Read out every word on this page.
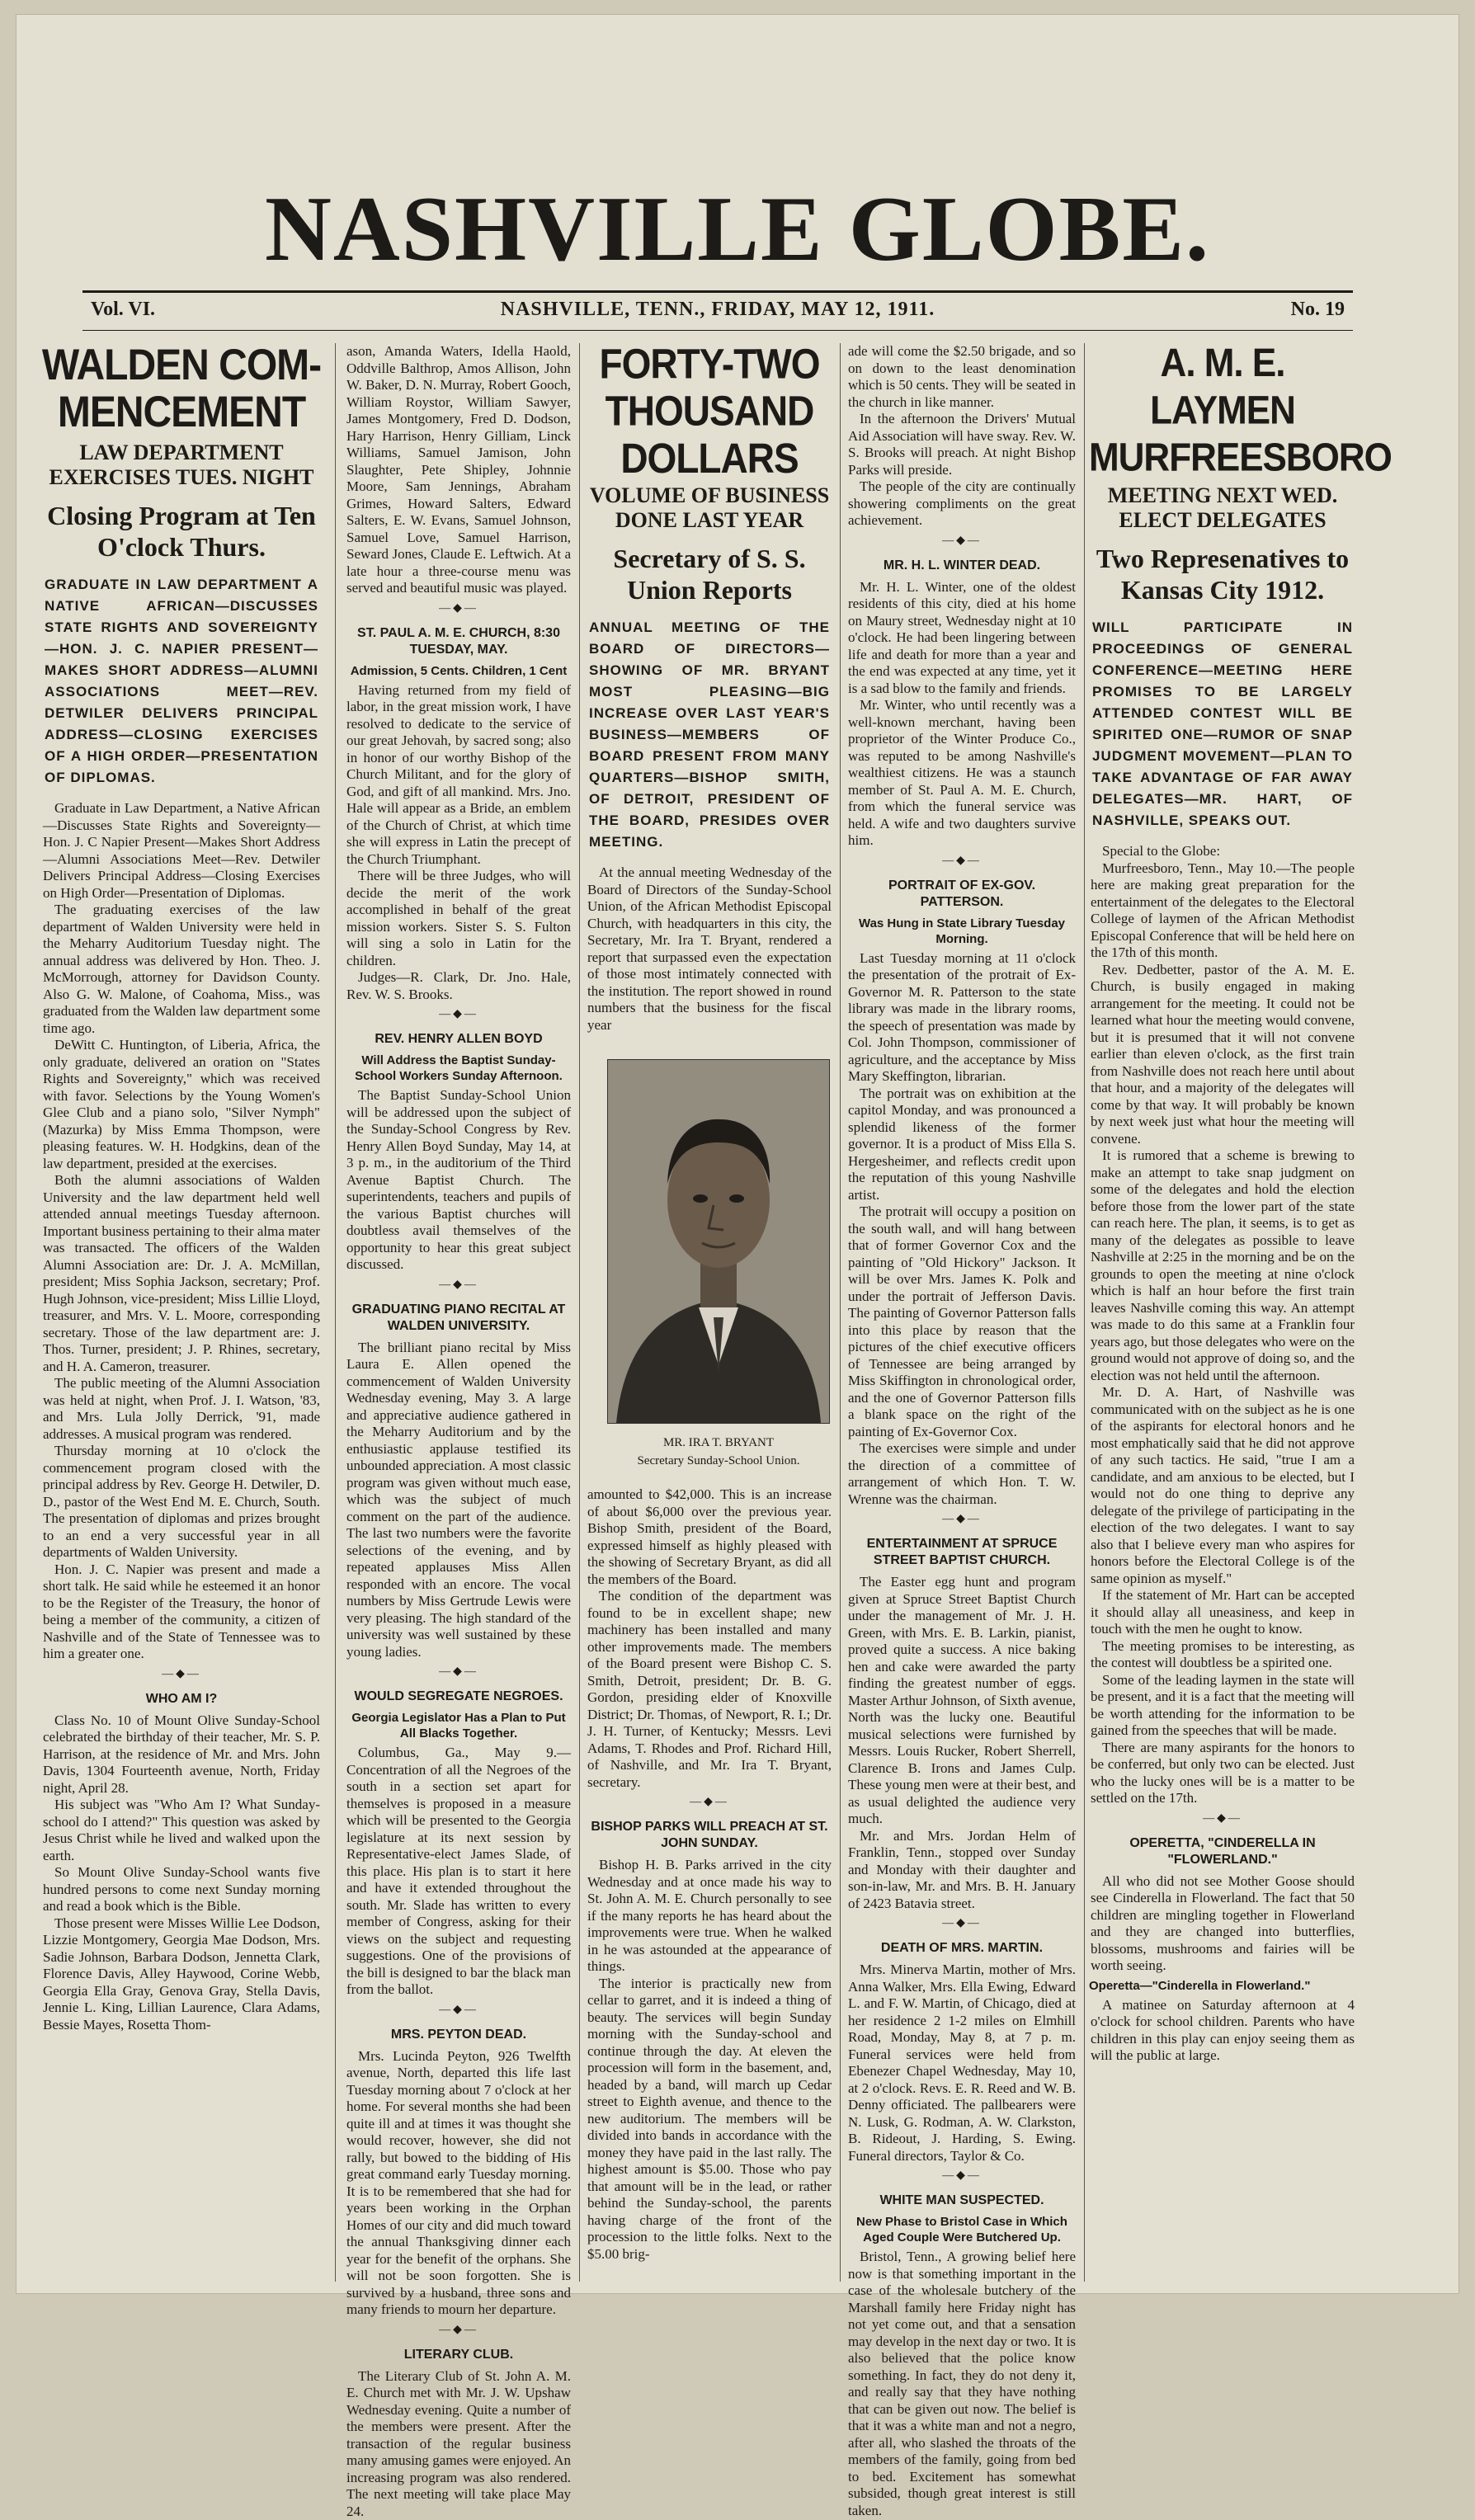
NASHVILLE GLOBE.
Vol. VI.	NASHVILLE, TENN., FRIDAY, MAY 12, 1911.	No. 19
WALDEN COM-MENCEMENT
LAW DEPARTMENT EXERCISES TUES. NIGHT
Closing Program at Ten O'clock Thurs.
GRADUATE IN LAW DEPARTMENT A NATIVE AFRICAN—DISCUSSES STATE RIGHTS AND SOVEREIGNTY—HON. J. C. NAPIER PRESENT—MAKES SHORT ADDRESS—ALUMNI ASSOCIATIONS MEET—REV. DETWILER DELIVERS PRINCIPAL ADDRESS—CLOSING EXERCISES OF A HIGH ORDER—PRESENTATION OF DIPLOMAS.
Graduate in Law Department, a Native African—Discusses State Rights and Sovereignty—Hon. J. C Napier Present—Makes Short Address—Alumni Associations Meet—Rev. Detwiler Delivers Principal Address—Closing Exercises on High Order—Presentation of Diplomas.
The graduating exercises of the law department of Walden University were held in the Meharry Auditorium Tuesday night. The annual address was delivered by Hon. Theo. J. McMorrough, attorney for Davidson County. Also G. W. Malone, of Coahoma, Miss., was graduated from the Walden law department some time ago.
DeWitt C. Huntington, of Liberia, Africa, the only graduate, delivered an oration on "States Rights and Sovereignty," which was received with favor. Selections by the Young Women's Glee Club and a piano solo, "Silver Nymph" (Mazurka) by Miss Emma Thompson, were pleasing features. W. H. Hodgkins, dean of the law department, presided at the exercises.
Both the alumni associations of Walden University and the law department held well attended annual meetings Tuesday afternoon. Important business pertaining to their alma mater was transacted. The officers of the Walden Alumni Association are: Dr. J. A. McMillan, president; Miss Sophia Jackson, secretary; Prof. Hugh Johnson, vice-president; Miss Lillie Lloyd, treasurer, and Mrs. V. L. Moore, corresponding secretary. Those of the law department are: J. Thos. Turner, president; J. P. Rhines, secretary, and H. A. Cameron, treasurer.
The public meeting of the Alumni Association was held at night, when Prof. J. I. Watson, '83, and Mrs. Lula Jolly Derrick, '91, made addresses. A musical program was rendered.
Thursday morning at 10 o'clock the commencement program closed with the principal address by Rev. George H. Detwiler, D. D., pastor of the West End M. E. Church, South. The presentation of diplomas and prizes brought to an end a very successful year in all departments of Walden University.
Hon. J. C. Napier was present and made a short talk. He said while he esteemed it an honor to be the Register of the Treasury, the honor of being a member of the community, a citizen of Nashville and of the State of Tennessee was to him a greater one.
—◆—
WHO AM I?
Class No. 10 of Mount Olive Sunday-School celebrated the birthday of their teacher, Mr. S. P. Harrison, at the residence of Mr. and Mrs. John Davis, 1304 Fourteenth avenue, North, Friday night, April 28.
His subject was "Who Am I? What Sunday-school do I attend?" This question was asked by Jesus Christ while he lived and walked upon the earth.
So Mount Olive Sunday-School wants five hundred persons to come next Sunday morning and read a book which is the Bible.
Those present were Misses Willie Lee Dodson, Lizzie Montgomery, Georgia Mae Dodson, Mrs. Sadie Johnson, Barbara Dodson, Jennetta Clark, Florence Davis, Alley Haywood, Corine Webb, Georgia Ella Gray, Genova Gray, Stella Davis, Jennie L. King, Lillian Laurence, Clara Adams, Bessie Mayes, Rosetta Thom-
ason, Amanda Waters, Idella Haold, Oddville Balthrop, Amos Allison, John W. Baker, D. N. Murray, Robert Gooch, William Roystor, William Sawyer, James Montgomery, Fred D. Dodson, Hary Harrison, Henry Gilliam, Linck Williams, Samuel Jamison, John Slaughter, Pete Shipley, Johnnie Moore, Sam Jennings, Abraham Grimes, Howard Salters, Edward Salters, E. W. Evans, Samuel Johnson, Samuel Love, Samuel Harrison, Seward Jones, Claude E. Leftwich. At a late hour a three-course menu was served and beautiful music was played.
—◆—
ST. PAUL A. M. E. CHURCH, 8:30 TUESDAY, MAY.
Admission, 5 Cents. Children, 1 Cent
Having returned from my field of labor, in the great mission work, I have resolved to dedicate to the service of our great Jehovah, by sacred song; also in honor of our worthy Bishop of the Church Militant, and for the glory of God, and gift of all mankind. Mrs. Jno. Hale will appear as a Bride, an emblem of the Church of Christ, at which time she will express in Latin the precept of the Church Triumphant.
There will be three Judges, who will decide the merit of the work accomplished in behalf of the great mission workers. Sister S. S. Fulton will sing a solo in Latin for the children.
Judges—R. Clark, Dr. Jno. Hale, Rev. W. S. Brooks.
—◆—
REV. HENRY ALLEN BOYD
Will Address the Baptist Sunday-School Workers Sunday Afternoon.
The Baptist Sunday-School Union will be addressed upon the subject of the Sunday-School Congress by Rev. Henry Allen Boyd Sunday, May 14, at 3 p. m., in the auditorium of the Third Avenue Baptist Church. The superintendents, teachers and pupils of the various Baptist churches will doubtless avail themselves of the opportunity to hear this great subject discussed.
—◆—
GRADUATING PIANO RECITAL AT WALDEN UNIVERSITY.
The brilliant piano recital by Miss Laura E. Allen opened the commencement of Walden University Wednesday evening, May 3. A large and appreciative audience gathered in the Meharry Auditorium and by the enthusiastic applause testified its unbounded appreciation. A most classic program was given without much ease, which was the subject of much comment on the part of the audience. The last two numbers were the favorite selections of the evening, and by repeated applauses Miss Allen responded with an encore. The vocal numbers by Miss Gertrude Lewis were very pleasing. The high standard of the university was well sustained by these young ladies.
—◆—
WOULD SEGREGATE NEGROES.
Georgia Legislator Has a Plan to Put All Blacks Together.
Columbus, Ga., May 9.—Concentration of all the Negroes of the south in a section set apart for themselves is proposed in a measure which will be presented to the Georgia legislature at its next session by Representative-elect James Slade, of this place. His plan is to start it here and have it extended throughout the south. Mr. Slade has written to every member of Congress, asking for their views on the subject and requesting suggestions. One of the provisions of the bill is designed to bar the black man from the ballot.
—◆—
MRS. PEYTON DEAD.
Mrs. Lucinda Peyton, 926 Twelfth avenue, North, departed this life last Tuesday morning about 7 o'clock at her home. For several months she had been quite ill and at times it was thought she would recover, however, she did not rally, but bowed to the bidding of His great command early Tuesday morning. It is to be remembered that she had for years been working in the Orphan Homes of our city and did much toward the annual Thanksgiving dinner each year for the benefit of the orphans. She will not be soon forgotten. She is survived by a husband, three sons and many friends to mourn her departure.
—◆—
LITERARY CLUB.
The Literary Club of St. John A. M. E. Church met with Mr. J. W. Upshaw Wednesday evening. Quite a number of the members were present. After the transaction of the regular business many amusing games were enjoyed. An increasing program was also rendered. The next meeting will take place May 24.
FORTY-TWO THOUSAND DOLLARS
VOLUME OF BUSINESS DONE LAST YEAR
Secretary of S. S. Union Reports
ANNUAL MEETING OF THE BOARD OF DIRECTORS—SHOWING OF MR. BRYANT MOST PLEASING—BIG INCREASE OVER LAST YEAR'S BUSINESS—MEMBERS OF BOARD PRESENT FROM MANY QUARTERS—BISHOP SMITH, OF DETROIT, PRESIDENT OF THE BOARD, PRESIDES OVER MEETING.
At the annual meeting Wednesday of the Board of Directors of the Sunday-School Union, of the African Methodist Episcopal Church, with headquarters in this city, the Secretary, Mr. Ira T. Bryant, rendered a report that surpassed even the expectation of those most intimately connected with the institution. The report showed in round numbers that the business for the fiscal year
MR. IRA T. BRYANT
Secretary Sunday-School Union.
amounted to $42,000. This is an increase of about $6,000 over the previous year. Bishop Smith, president of the Board, expressed himself as highly pleased with the showing of Secretary Bryant, as did all the members of the Board.
The condition of the department was found to be in excellent shape; new machinery has been installed and many other improvements made. The members of the Board present were Bishop C. S. Smith, Detroit, president; Dr. B. G. Gordon, presiding elder of Knoxville District; Dr. Thomas, of Newport, R. I.; Dr. J. H. Turner, of Kentucky; Messrs. Levi Adams, T. Rhodes and Prof. Richard Hill, of Nashville, and Mr. Ira T. Bryant, secretary.
—◆—
BISHOP PARKS WILL PREACH AT ST. JOHN SUNDAY.
Bishop H. B. Parks arrived in the city Wednesday and at once made his way to St. John A. M. E. Church personally to see if the many reports he has heard about the improvements were true. When he walked in he was astounded at the appearance of things.
The interior is practically new from cellar to garret, and it is indeed a thing of beauty. The services will begin Sunday morning with the Sunday-school and continue through the day. At eleven the procession will form in the basement, and, headed by a band, will march up Cedar street to Eighth avenue, and thence to the new auditorium. The members will be divided into bands in accordance with the money they have paid in the last rally. The highest amount is $5.00. Those who pay that amount will be in the lead, or rather behind the Sunday-school, the parents having charge of the front of the procession to the little folks. Next to the $5.00 brig-
ade will come the $2.50 brigade, and so on down to the least denomination which is 50 cents. They will be seated in the church in like manner.
In the afternoon the Drivers' Mutual Aid Association will have sway. Rev. W. S. Brooks will preach. At night Bishop Parks will preside.
The people of the city are continually showering compliments on the great achievement.
—◆—
MR. H. L. WINTER DEAD.
Mr. H. L. Winter, one of the oldest residents of this city, died at his home on Maury street, Wednesday night at 10 o'clock. He had been lingering between life and death for more than a year and the end was expected at any time, yet it is a sad blow to the family and friends.
Mr. Winter, who until recently was a well-known merchant, having been proprietor of the Winter Produce Co., was reputed to be among Nashville's wealthiest citizens. He was a staunch member of St. Paul A. M. E. Church, from which the funeral service was held. A wife and two daughters survive him.
—◆—
PORTRAIT OF EX-GOV. PATTERSON.
Was Hung in State Library Tuesday Morning.
Last Tuesday morning at 11 o'clock the presentation of the protrait of Ex-Governor M. R. Patterson to the state library was made in the library rooms, the speech of presentation was made by Col. John Thompson, commissioner of agriculture, and the acceptance by Miss Mary Skeffington, librarian.
The portrait was on exhibition at the capitol Monday, and was pronounced a splendid likeness of the former governor. It is a product of Miss Ella S. Hergesheimer, and reflects credit upon the reputation of this young Nashville artist.
The protrait will occupy a position on the south wall, and will hang between that of former Governor Cox and the painting of "Old Hickory" Jackson. It will be over Mrs. James K. Polk and under the portrait of Jefferson Davis. The painting of Governor Patterson falls into this place by reason that the pictures of the chief executive officers of Tennessee are being arranged by Miss Skiffington in chronological order, and the one of Governor Patterson fills a blank space on the right of the painting of Ex-Governor Cox.
The exercises were simple and under the direction of a committee of arrangement of which Hon. T. W. Wrenne was the chairman.
—◆—
ENTERTAINMENT AT SPRUCE STREET BAPTIST CHURCH.
The Easter egg hunt and program given at Spruce Street Baptist Church under the management of Mr. J. H. Green, with Mrs. E. B. Larkin, pianist, proved quite a success. A nice baking hen and cake were awarded the party finding the greatest number of eggs. Master Arthur Johnson, of Sixth avenue, North was the lucky one. Beautiful musical selections were furnished by Messrs. Louis Rucker, Robert Sherrell, Clarence B. Irons and James Culp. These young men were at their best, and as usual delighted the audience very much.
Mr. and Mrs. Jordan Helm of Franklin, Tenn., stopped over Sunday and Monday with their daughter and son-in-law, Mr. and Mrs. B. H. January of 2423 Batavia street.
—◆—
DEATH OF MRS. MARTIN.
Mrs. Minerva Martin, mother of Mrs. Anna Walker, Mrs. Ella Ewing, Edward L. and F. W. Martin, of Chicago, died at her residence 2 1-2 miles on Elmhill Road, Monday, May 8, at 7 p. m. Funeral services were held from Ebenezer Chapel Wednesday, May 10, at 2 o'clock. Revs. E. R. Reed and W. B. Denny officiated. The pallbearers were N. Lusk, G. Rodman, A. W. Clarkston, B. Rideout, J. Harding, S. Ewing. Funeral directors, Taylor & Co.
—◆—
WHITE MAN SUSPECTED.
New Phase to Bristol Case in Which Aged Couple Were Butchered Up.
Bristol, Tenn., A growing belief here now is that something important in the case of the wholesale butchery of the Marshall family here Friday night has not yet come out, and that a sensation may develop in the next day or two. It is also believed that the police know something. In fact, they do not deny it, and really say that they have nothing that can be given out now. The belief is that it was a white man and not a negro, after all, who slashed the throats of the members of the family, going from bed to bed. Excitement has somewhat subsided, though great interest is still taken.
A. M. E. LAYMEN MURFREESBORO
MEETING NEXT WED. ELECT DELEGATES
Two Represenatives to Kansas City 1912.
WILL PARTICIPATE IN PROCEEDINGS OF GENERAL CONFERENCE—MEETING HERE PROMISES TO BE LARGELY ATTENDED CONTEST WILL BE SPIRITED ONE—RUMOR OF SNAP JUDGMENT MOVEMENT—PLAN TO TAKE ADVANTAGE OF FAR AWAY DELEGATES—MR. HART, OF NASHVILLE, SPEAKS OUT.
Special to the Globe:
Murfreesboro, Tenn., May 10.—The people here are making great preparation for the entertainment of the delegates to the Electoral College of laymen of the African Methodist Episcopal Conference that will be held here on the 17th of this month.
Rev. Dedbetter, pastor of the A. M. E. Church, is busily engaged in making arrangement for the meeting. It could not be learned what hour the meeting would convene, but it is presumed that it will not convene earlier than eleven o'clock, as the first train from Nashville does not reach here until about that hour, and a majority of the delegates will come by that way. It will probably be known by next week just what hour the meeting will convene.
It is rumored that a scheme is brewing to make an attempt to take snap judgment on some of the delegates and hold the election before those from the lower part of the state can reach here. The plan, it seems, is to get as many of the delegates as possible to leave Nashville at 2:25 in the morning and be on the grounds to open the meeting at nine o'clock which is half an hour before the first train leaves Nashville coming this way. An attempt was made to do this same at a Franklin four years ago, but those delegates who were on the ground would not approve of doing so, and the election was not held until the afternoon.
Mr. D. A. Hart, of Nashville was communicated with on the subject as he is one of the aspirants for electoral honors and he most emphatically said that he did not approve of any such tactics. He said, "true I am a candidate, and am anxious to be elected, but I would not do one thing to deprive any delegate of the privilege of participating in the election of the two delegates. I want to say also that I believe every man who aspires for honors before the Electoral College is of the same opinion as myself."
If the statement of Mr. Hart can be accepted it should allay all uneasiness, and keep in touch with the men he ought to know.
The meeting promises to be interesting, as the contest will doubtless be a spirited one.
Some of the leading laymen in the state will be present, and it is a fact that the meeting will be worth attending for the information to be gained from the speeches that will be made.
There are many aspirants for the honors to be conferred, but only two can be elected. Just who the lucky ones will be is a matter to be settled on the 17th.
—◆—
OPERETTA, "CINDERELLA IN "FLOWERLAND."
All who did not see Mother Goose should see Cinderella in Flowerland. The fact that 50 children are mingling together in Flowerland and they are changed into butterflies, blossoms, mushrooms and fairies will be worth seeing.
Operetta—"Cinderella in Flowerland."
A matinee on Saturday afternoon at 4 o'clock for school children. Parents who have children in this play can enjoy seeing them as will the public at large.
